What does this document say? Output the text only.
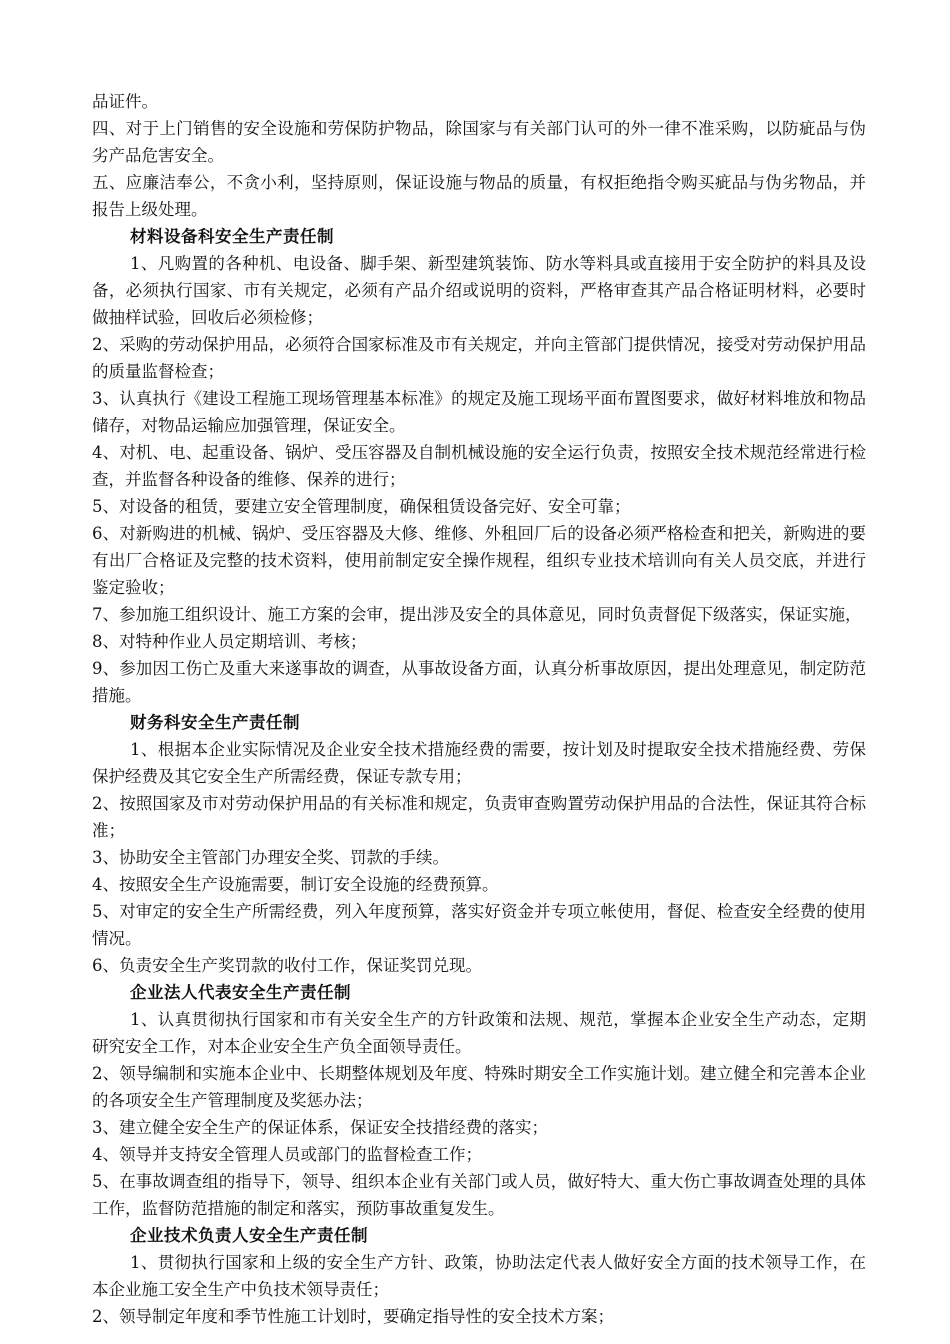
品证件。

四、对于上门销售的安全设施和劳保防护物品，除国家与有关部门认可的外一律不准采购，以防疵品与伪劣产品危害安全。

五、应廉洁奉公，不贪小利，坚持原则，保证设施与物品的质量，有权拒绝指令购买疵品与伪劣物品，并报告上级处理。

材料设备科安全生产责任制

1、凡购置的各种机、电设备、脚手架、新型建筑装饰、防水等料具或直接用于安全防护的料具及设备，必须执行国家、市有关规定，必须有产品介绍或说明的资料，严格审查其产品合格证明材料，必要时做抽样试验，回收后必须检修；

2、采购的劳动保护用品，必须符合国家标准及市有关规定，并向主管部门提供情况，接受对劳动保护用品的质量监督检查；

3、认真执行《建设工程施工现场管理基本标准》的规定及施工现场平面布置图要求，做好材料堆放和物品储存，对物品运输应加强管理，保证安全。

4、对机、电、起重设备、锅炉、受压容器及自制机械设施的安全运行负责，按照安全技术规范经常进行检查，并监督各种设备的维修、保养的进行；

5、对设备的租赁，要建立安全管理制度，确保租赁设备完好、安全可靠；

6、对新购进的机械、锅炉、受压容器及大修、维修、外租回厂后的设备必须严格检查和把关，新购进的要有出厂合格证及完整的技术资料，使用前制定安全操作规程，组织专业技术培训向有关人员交底，并进行鉴定验收；

7、参加施工组织设计、施工方案的会审，提出涉及安全的具体意见，同时负责督促下级落实，保证实施，

8、对特种作业人员定期培训、考核；

9、参加因工伤亡及重大来遂事故的调查，从事故设备方面，认真分析事故原因，提出处理意见，制定防范措施。

财务科安全生产责任制

1、根据本企业实际情况及企业安全技术措施经费的需要，按计划及时提取安全技术措施经费、劳保保护经费及其它安全生产所需经费，保证专款专用；

2、按照国家及市对劳动保护用品的有关标准和规定，负责审查购置劳动保护用品的合法性，保证其符合标准；

3、协助安全主管部门办理安全奖、罚款的手续。

4、按照安全生产设施需要，制订安全设施的经费预算。

5、对审定的安全生产所需经费，列入年度预算，落实好资金并专项立帐使用，督促、检查安全经费的使用情况。

6、负责安全生产奖罚款的收付工作，保证奖罚兑现。

企业法人代表安全生产责任制

1、认真贯彻执行国家和市有关安全生产的方针政策和法规、规范，掌握本企业安全生产动态，定期研究安全工作，对本企业安全生产负全面领导责任。

2、领导编制和实施本企业中、长期整体规划及年度、特殊时期安全工作实施计划。建立健全和完善本企业的各项安全生产管理制度及奖惩办法；

3、建立健全安全生产的保证体系，保证安全技措经费的落实；

4、领导并支持安全管理人员或部门的监督检查工作；

5、在事故调查组的指导下，领导、组织本企业有关部门或人员，做好特大、重大伤亡事故调查处理的具体工作，监督防范措施的制定和落实，预防事故重复发生。

企业技术负责人安全生产责任制

1、贯彻执行国家和上级的安全生产方针、政策，协助法定代表人做好安全方面的技术领导工作，在本企业施工安全生产中负技术领导责任；

2、领导制定年度和季节性施工计划时，要确定指导性的安全技术方案；
